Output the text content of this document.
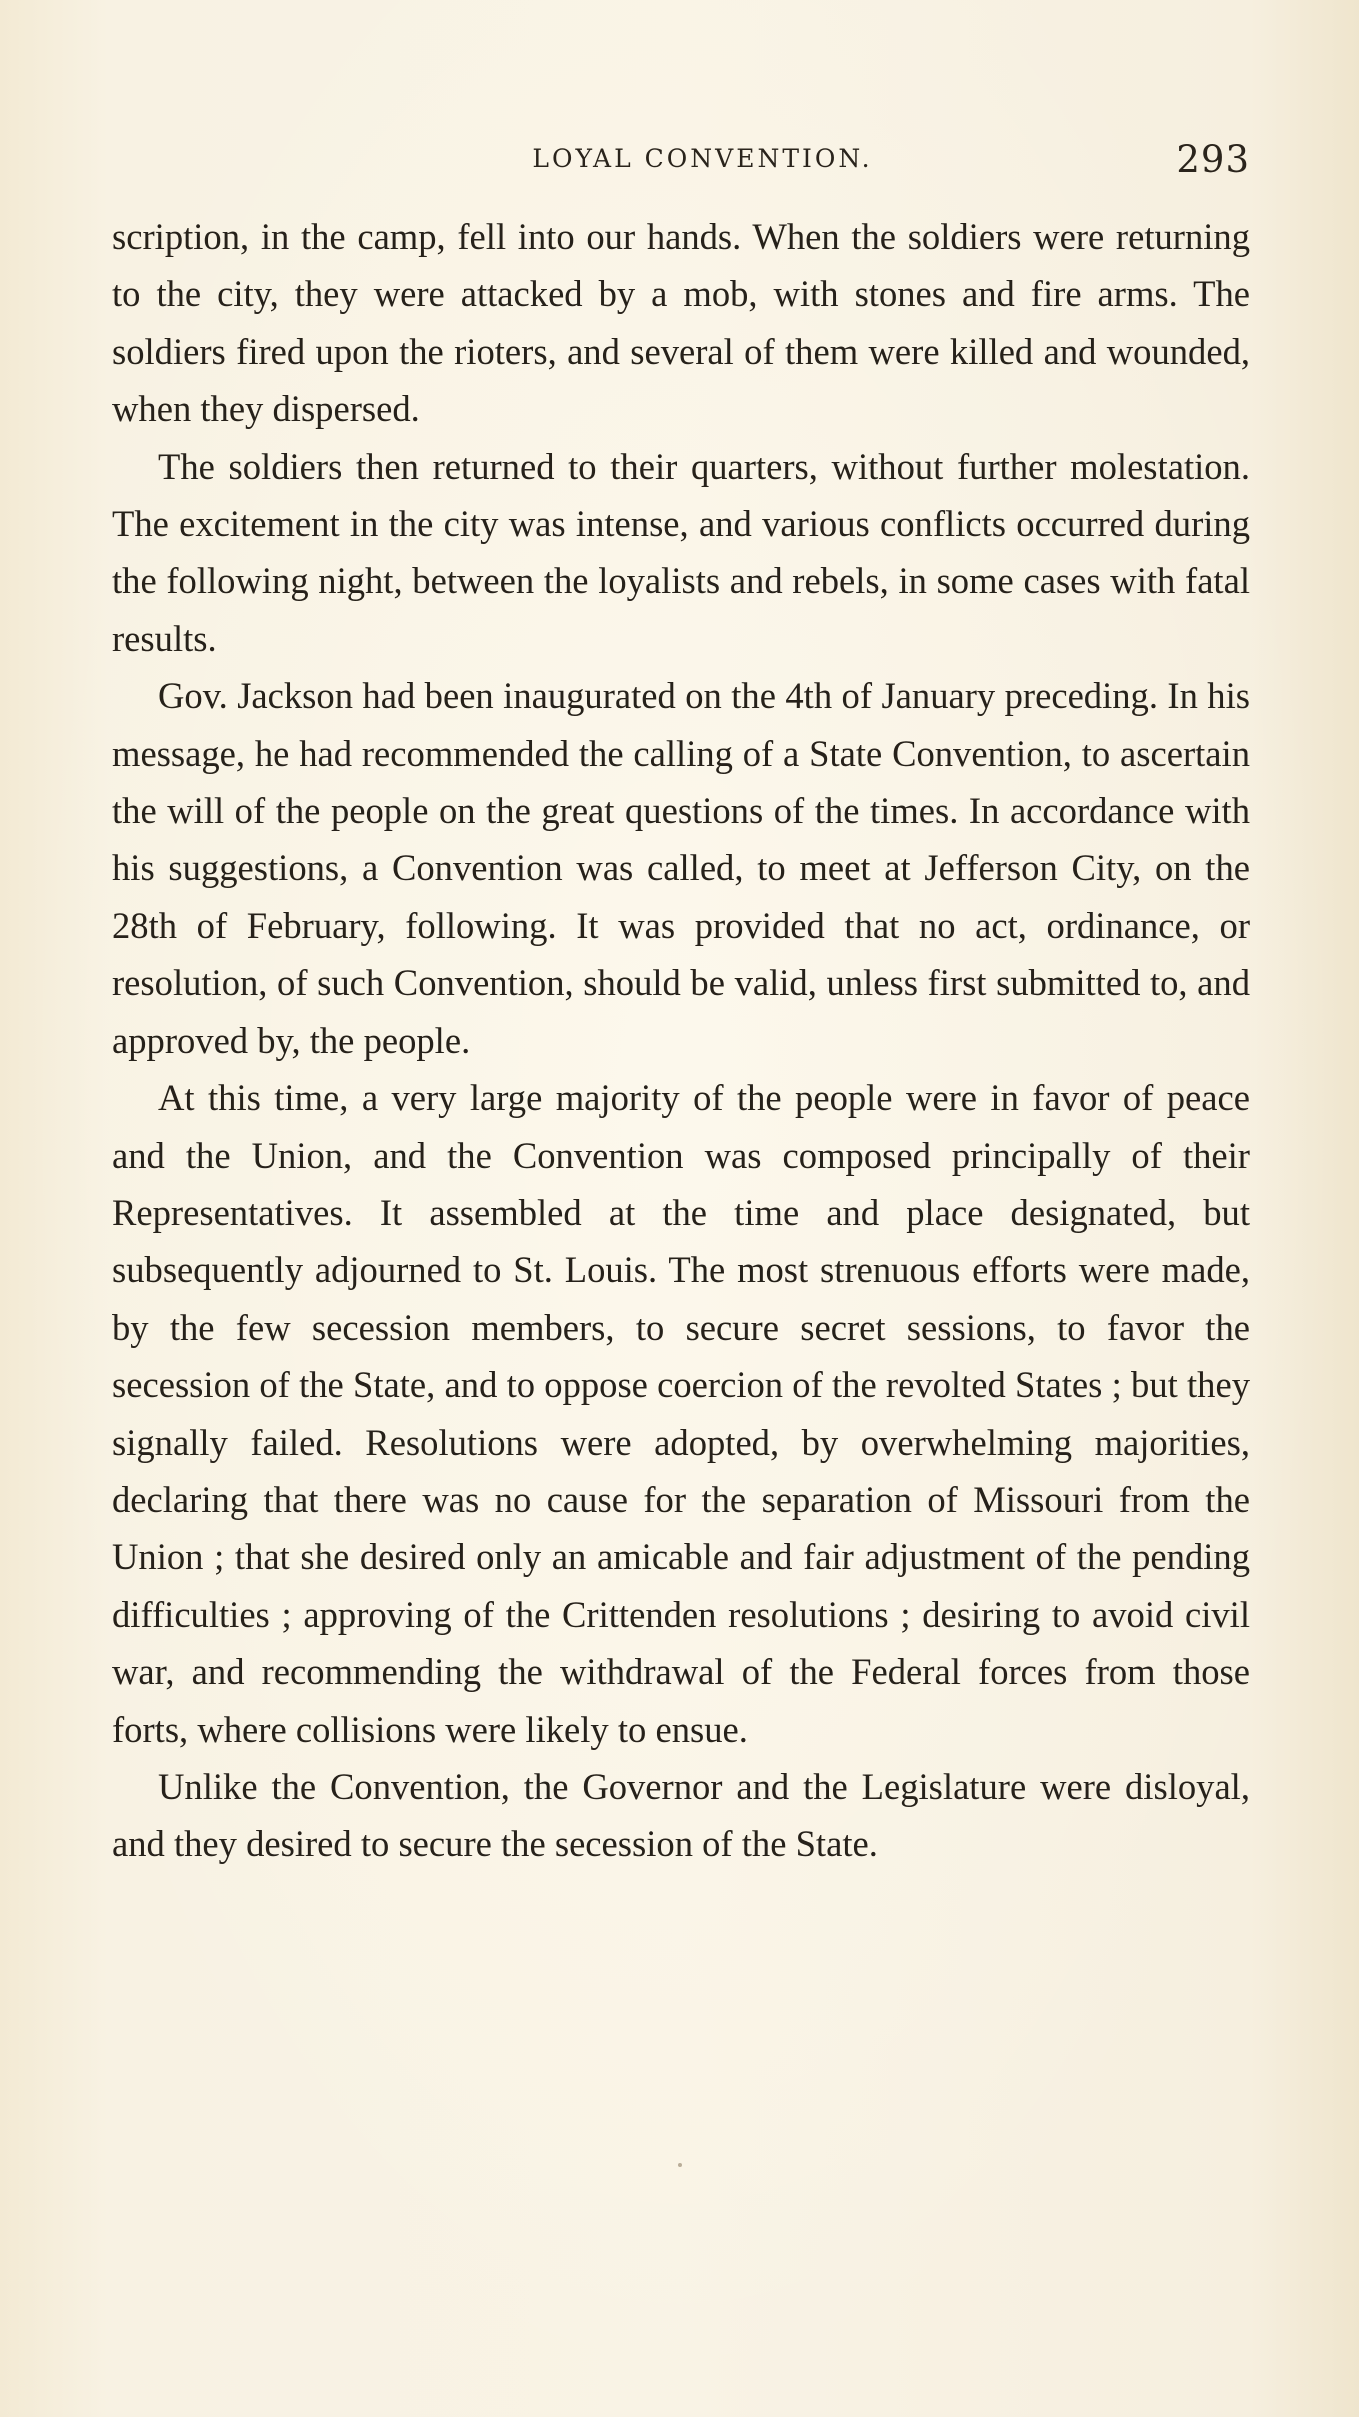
LOYAL CONVENTION.	293

scription, in the camp, fell into our hands. When the soldiers were returning to the city, they were attacked by a mob, with stones and fire arms. The soldiers fired upon the rioters, and several of them were killed and wounded, when they dispersed.

The soldiers then returned to their quarters, without further molestation. The excitement in the city was intense, and various conflicts occurred during the following night, between the loyalists and rebels, in some cases with fatal results.

Gov. Jackson had been inaugurated on the 4th of January preceding. In his message, he had recommended the calling of a State Convention, to ascertain the will of the people on the great questions of the times. In accordance with his suggestions, a Convention was called, to meet at Jefferson City, on the 28th of February, following. It was provided that no act, ordinance, or resolution, of such Convention, should be valid, unless first submitted to, and approved by, the people.

At this time, a very large majority of the people were in favor of peace and the Union, and the Convention was composed principally of their Representatives. It assembled at the time and place designated, but subsequently adjourned to St. Louis. The most strenuous efforts were made, by the few secession members, to secure secret sessions, to favor the secession of the State, and to oppose coercion of the revolted States ; but they signally failed. Resolutions were adopted, by overwhelming majorities, declaring that there was no cause for the separation of Missouri from the Union ; that she desired only an amicable and fair adjustment of the pending difficulties ; approving of the Crittenden resolutions ; desiring to avoid civil war, and recommending the withdrawal of the Federal forces from those forts, where collisions were likely to ensue.

Unlike the Convention, the Governor and the Legislature were disloyal, and they desired to secure the secession of the State.
